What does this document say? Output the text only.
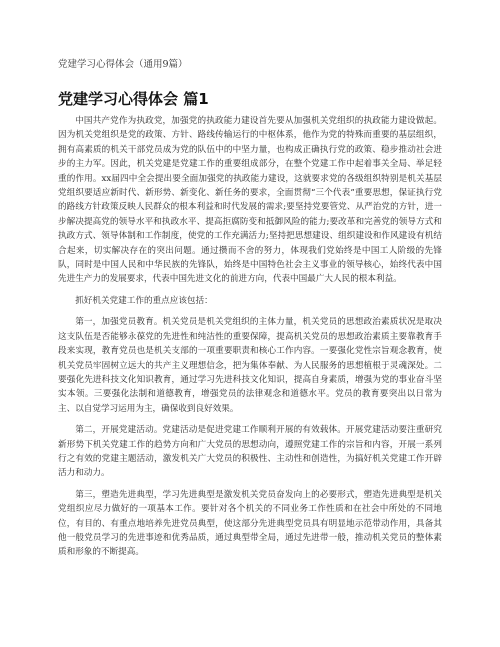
党建学习心得体会（通用9篇）

党建学习心得体会 篇1

中国共产党作为执政党，加强党的执政能力建设首先要从加强机关党组织的执政能力建设做起。因为机关党组织是党的政策、方针、路线传输运行的中枢体系，他作为党的特殊而重要的基层组织，拥有高素质的机关干部党员成为党的队伍中的中坚力量，也构成正确执行党的政策、稳步推动社会进步的主力军。因此，机关党建是党建工作的重要组成部分，在整个党建工作中起着事关全局、举足轻重的作用。xx届四中全会提出要全面加强党的执政能力建设，这就要求党的各级组织特别是机关基层党组织要适应新时代、新形势、新变化、新任务的要求，全面贯彻“三个代表”重要思想，保证执行党的路线方针政策反映人民群众的根本利益和时代发展的需求;要坚持党要管党、从严治党的方针，进一步解决提高党的领导水平和执政水平、提高拒腐防变和抵御风险的能力;要改革和完善党的领导方式和执政方式、领导体制和工作制度，使党的工作充满活力;坚持把思想建设、组织建设和作风建设有机结合起来，切实解决存在的突出问题。通过攒而不舍的努力，体现我们党始终是中国工人阶级的先锋队，同时是中国人民和中华民族的先锋队，始终是中国特色社会主义事业的领导核心，始终代表中国先进生产力的发展要求，代表中国先进文化的前进方向，代表中国最广大人民的根本利益。

抓好机关党建工作的重点应该包括：

第一，加强党员教育。机关党员是机关党组织的主体力量，机关党员的思想政治素质状况是取决这支队伍是否能够永葆党的先进性和纯洁性的重要保障，提高机关党员的思想政治素质主要靠教育手段来实现，教育党员也是机关支部的一项重要职责和核心工作内容。一要强化党性宗旨观念教育，使机关党员牢固树立远大的共产主义理想信念，把为集体奉献、为人民服务的思想植根于灵魂深处。二要强化先进科技文化知识教育，通过学习先进科技文化知识，提高自身素质，增强为党的事业奋斗坚实本领。三要强化法制和道德教育，增强党员的法律观念和道德水平。党员的教育要突出以日常为主、以自觉学习运用为主，确保收到良好效果。

第二，开展党建活动。党建活动是促进党建工作顺利开展的有效载体。开展党建活动要注重研究新形势下机关党建工作的趋势方向和广大党员的思想动向，遵照党建工作的宗旨和内容，开展一系列行之有效的党建主题活动，激发机关广大党员的积极性、主动性和创造性，为搞好机关党建工作开辟活力和动力。

第三，塑造先进典型，学习先进典型是激发机关党员奋发向上的必要形式，塑造先进典型是机关党组织应尽力做好的一项基本工作。要针对各个机关的不同业务工作性质和在社会中所处的不同地位，有目的、有重点地培养先进党员典型，使这部分先进典型党员具有明显地示范带动作用，具备其他一般党员学习的先进事迹和优秀品质，通过典型带全局，通过先进带一般，推动机关党员的整体素质和形象的不断提高。
